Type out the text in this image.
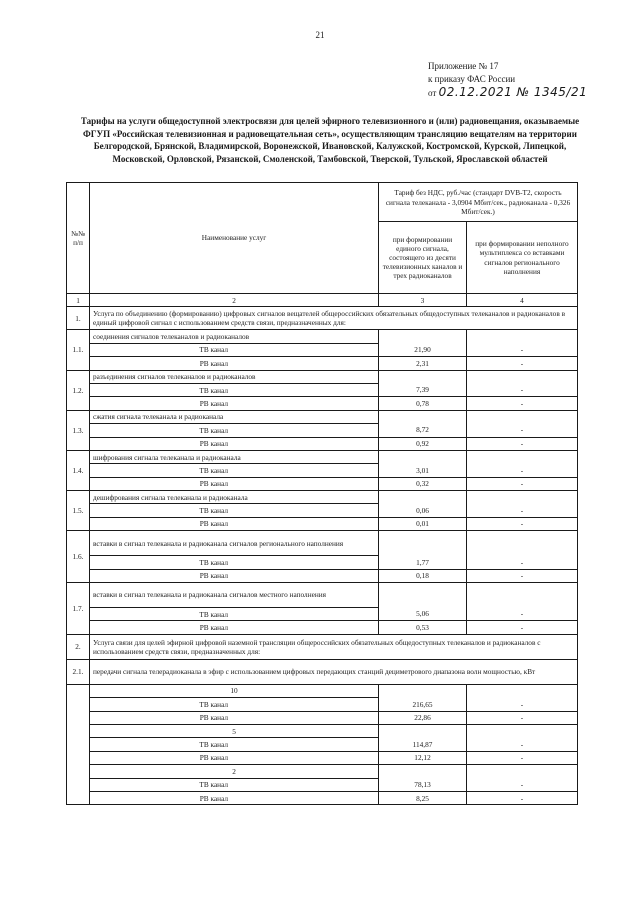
21
Приложение № 17
к приказу ФАС России
от 02.12.2021 № 1345/21
Тарифы на услуги общедоступной электросвязи для целей эфирного телевизионного и (или) радиовещания, оказываемые ФГУП «Российская телевизионная и радиовещательная сеть», осуществляющим трансляцию вещателям на территории Белгородской, Брянской, Владимирской, Воронежской, Ивановской, Калужской, Костромской, Курской, Липецкой, Московской, Орловской, Рязанской, Смоленской, Тамбовской, Тверской, Тульской, Ярославской областей
№№ п/п	Наименование услуг	Тариф без НДС, руб./час (стандарт DVB-T2, скорость сигнала телеканала - 3,0904 Мбит/сек., радиоканала - 0,326 Мбит/сек.)	
		при формировании единого сигнала, состоящего из десяти телевизионных каналов и трех радиоканалов	при формировании неполного мультиплекса со вставками сигналов регионального наполнения
1	2	3	4
1.	Услуга по объединению (формированию) цифровых сигналов вещателей общероссийских обязательных общедоступных телеканалов и радиоканалов в единый цифровой сигнал с использованием средств связи, предназначенных для:		
1.1.	соединения сигналов телеканалов и радиоканалов		
	ТВ канал	21,90	-
	РВ канал	2,31	-
1.2.	разъединения сигналов телеканалов и радиоканалов		
	ТВ канал	7,39	-
	РВ канал	0,78	-
1.3.	сжатия сигнала телеканала и радиоканала		
	ТВ канал	8,72	-
	РВ канал	0,92	-
1.4.	шифрования сигнала телеканала и радиоканала		
	ТВ канал	3,01	-
	РВ канал	0,32	-
1.5.	дешифрования сигнала телеканала и радиоканала		
	ТВ канал	0,06	-
	РВ канал	0,01	-
1.6.	вставки в сигнал телеканала и радиоканала сигналов регионального наполнения		
	ТВ канал	1,77	-
	РВ канал	0,18	-
1.7.	вставки в сигнал телеканала и радиоканала сигналов местного наполнения		
	ТВ канал	5,06	-
	РВ канал	0,53	-
2.	Услуга связи для целей эфирной цифровой наземной трансляции общероссийских обязательных общедоступных телеканалов и радиоканалов с использованием средств связи, предназначенных для:		
2.1.	передачи сигнала телерадиоканала в эфир с использованием цифровых передающих станций дециметрового диапазона волн мощностью, кВт		
	10		
	ТВ канал	216,65	-
	РВ канал	22,86	-
	5		
	ТВ канал	114,87	-
	РВ канал	12,12	-
	2		
	ТВ канал	78,13	-
	РВ канал	8,25	-
